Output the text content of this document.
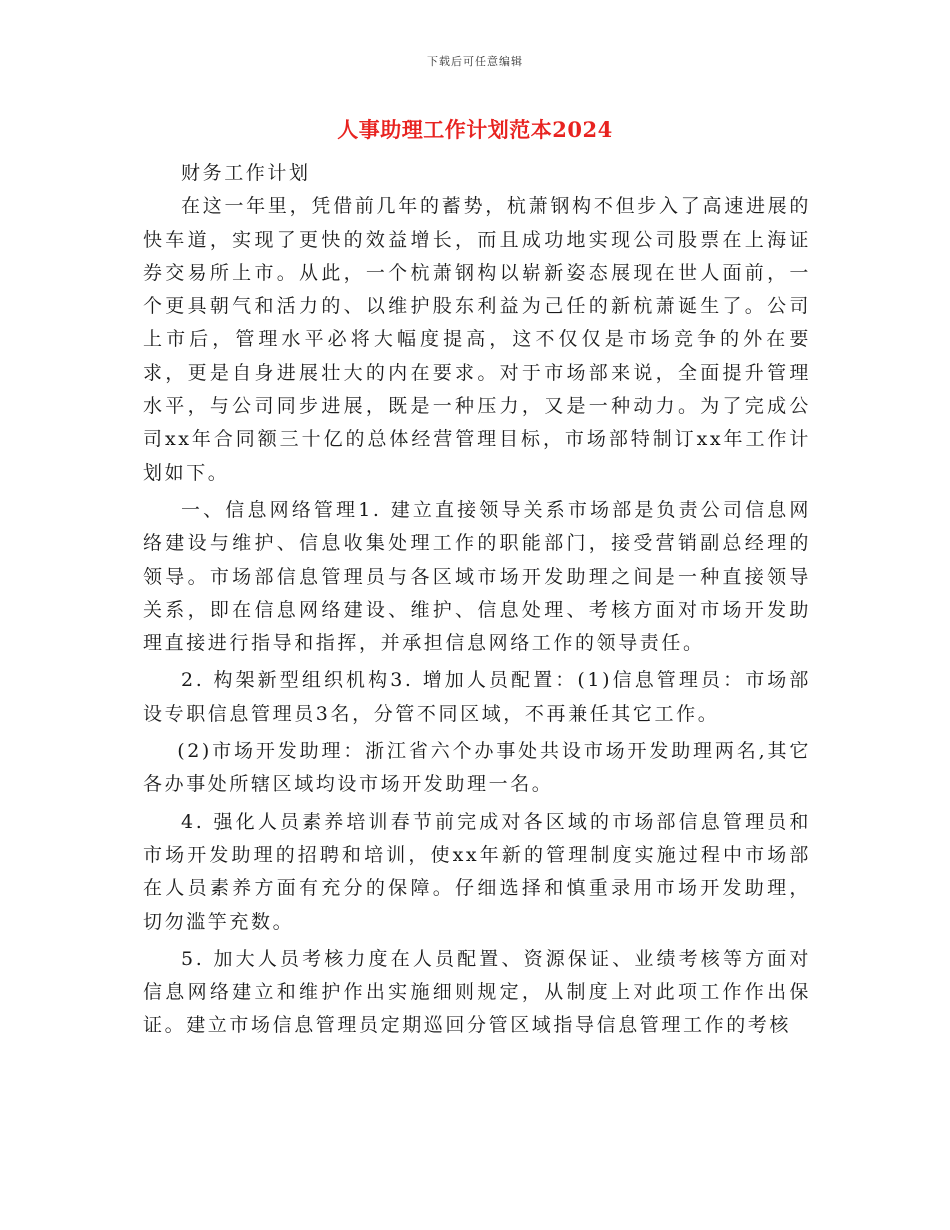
下载后可任意编辑
人事助理工作计划范本2024

财务工作计划

在这一年里，凭借前几年的蓄势，杭萧钢构不但步入了高速进展的快车道，实现了更快的效益增长，而且成功地实现公司股票在上海证券交易所上市。从此，一个杭萧钢构以崭新姿态展现在世人面前，一个更具朝气和活力的、以维护股东利益为己任的新杭萧诞生了。公司上市后，管理水平必将大幅度提高，这不仅仅是市场竞争的外在要求，更是自身进展壮大的内在要求。对于市场部来说，全面提升管理水平，与公司同步进展，既是一种压力，又是一种动力。为了完成公司xx年合同额三十亿的总体经营管理目标，市场部特制订xx年工作计划如下。

一、信息网络管理1. 建立直接领导关系市场部是负责公司信息网络建设与维护、信息收集处理工作的职能部门，接受营销副总经理的领导。市场部信息管理员与各区域市场开发助理之间是一种直接领导关系，即在信息网络建设、维护、信息处理、考核方面对市场开发助理直接进行指导和指挥，并承担信息网络工作的领导责任。

2. 构架新型组织机构3. 增加人员配置：(1)信息管理员：市场部设专职信息管理员3名，分管不同区域，不再兼任其它工作。

(2)市场开发助理：浙江省六个办事处共设市场开发助理两名,其它各办事处所辖区域均设市场开发助理一名。

4. 强化人员素养培训春节前完成对各区域的市场部信息管理员和市场开发助理的招聘和培训，使xx年新的管理制度实施过程中市场部在人员素养方面有充分的保障。仔细选择和慎重录用市场开发助理，切勿滥竽充数。

5. 加大人员考核力度在人员配置、资源保证、业绩考核等方面对信息网络建立和维护作出实施细则规定，从制度上对此项工作作出保证。建立市场信息管理员定期巡回分管区域指导信息管理工作的考核
